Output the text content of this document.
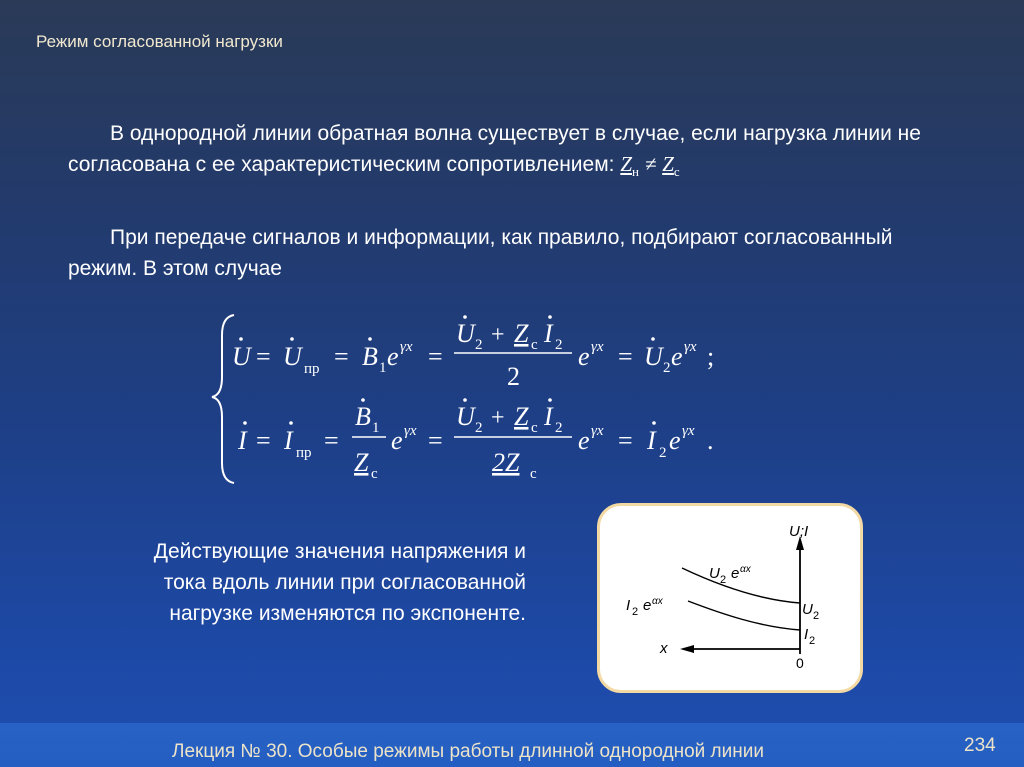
Режим согласованной нагрузки
В однородной линии обратная волна существует в случае, если нагрузка линии не согласована с ее характеристическим сопротивлением: $Z_н \ne Z_с$
При передаче сигналов и информации, как правило, подбирают согласованный режим. В этом случае
U = U пр = B 1 e γx =
U 2 + Z с I 2
2
e γx = U 2 e γx ;
I = I пр =
B 1
Z с
e γx =
U 2 + Z с I 2
2Z с
e γx = I 2 e γx .
Действующие значения напряжения и тока вдоль линии при согласованной нагрузке изменяются по экспоненте.
U;I
x
0
U 2 e αx
I 2 e αx	U 2
I 2
Лекция № 30. Особые режимы работы длинной однородной линии	234
